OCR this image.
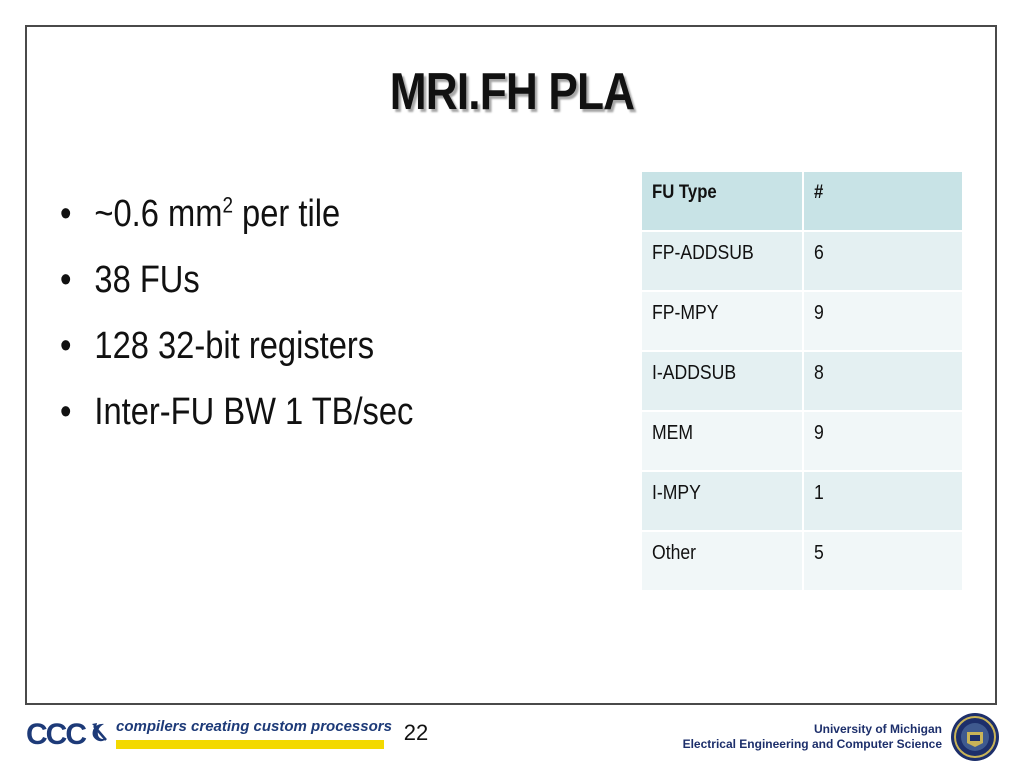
MRI.FH PLA
• ~0.6 $mm^2$ per tile
• 38 FUs
• 128 32-bit registers
• Inter-FU BW 1 TB/sec
FU Type	#
FP-ADDSUB	6
FP-MPY	9
I-ADDSUB	8
MEM	9
I-MPY	1
Other	5
CCC compilers creating custom processors 22	University of Michigan
Electrical Engineering and Computer Science
